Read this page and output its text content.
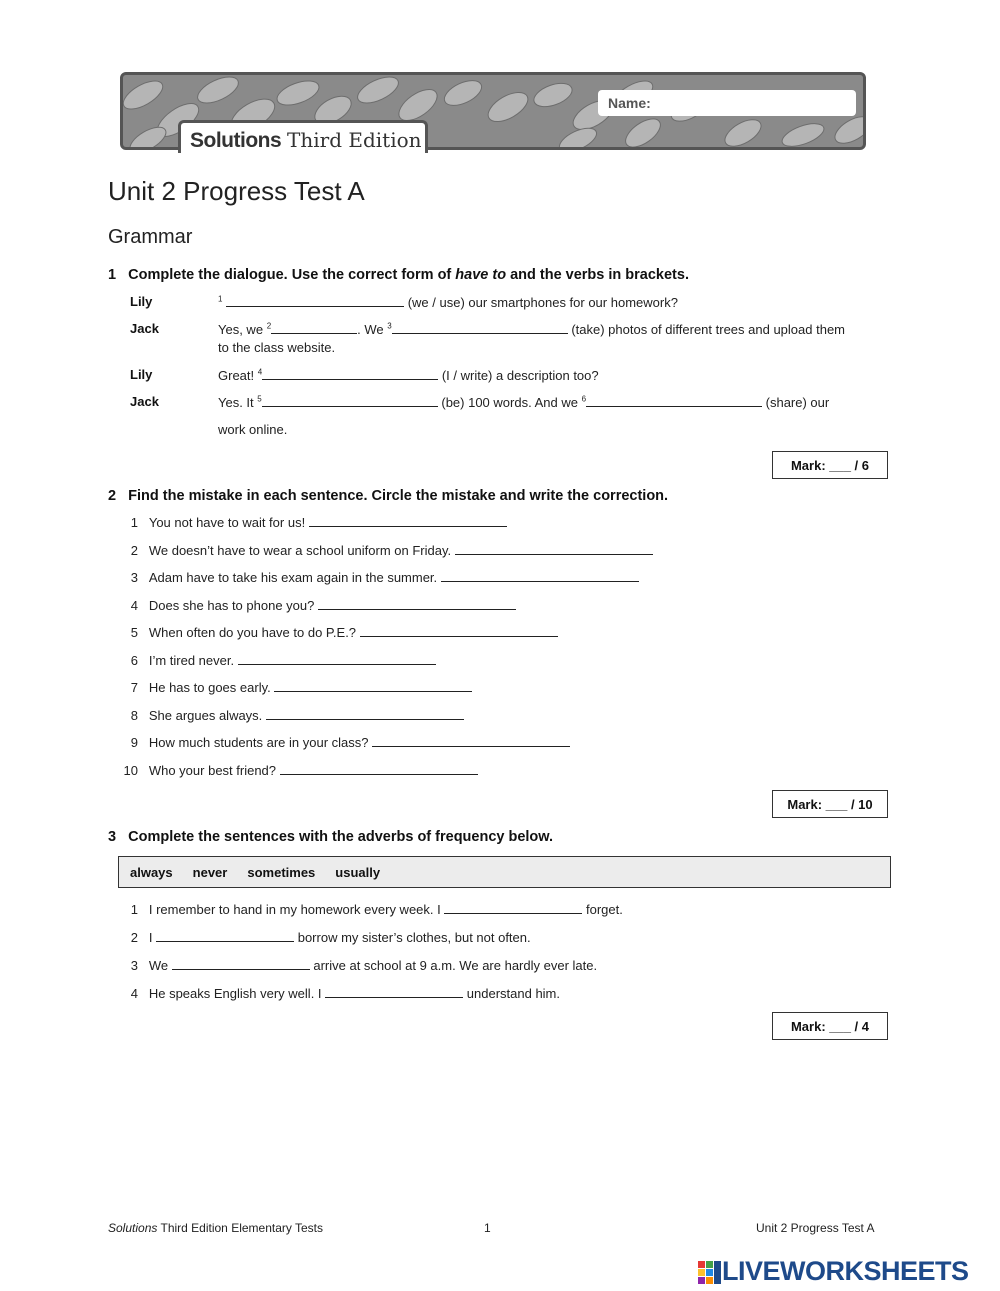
Name:
Solutions Third Edition
Unit 2 Progress Test A
Grammar
1 Complete the dialogue. Use the correct form of have to and the verbs in brackets.
Lily	$^1$	(we / use) our smartphones for our homework?
Jack	Yes, we $^2$	. We $^3$	(take) photos of different trees and upload them
to the class website.
Lily	Great! $^4$	(I / write) a description too?
Jack	Yes. It $^5$	(be) 100 words. And we $^6$	(share) our
work online.
Mark: ___ / 6
2 Find the mistake in each sentence. Circle the mistake and write the correction.
1 You not have to wait for us!
2 We doesn’t have to wear a school uniform on Friday.
3 Adam have to take his exam again in the summer.
4 Does she has to phone you?
5 When often do you have to do P.E.?
6 I’m tired never.
7 He has to goes early.
8 She argues always.
9 How much students are in your class?
10 Who your best friend?
Mark: ___ / 10
3 Complete the sentences with the adverbs of frequency below.
always never sometimes usually
1 I remember to hand in my homework every week. I	forget.
2 I	borrow my sister’s clothes, but not often.
3 We	arrive at school at 9 a.m. We are hardly ever late.
4 He speaks English very well. I	understand him.
Mark: ___ / 4
Solutions Third Edition Elementary Tests	1	Unit 2 Progress Test A
LIVEWORKSHEETS
